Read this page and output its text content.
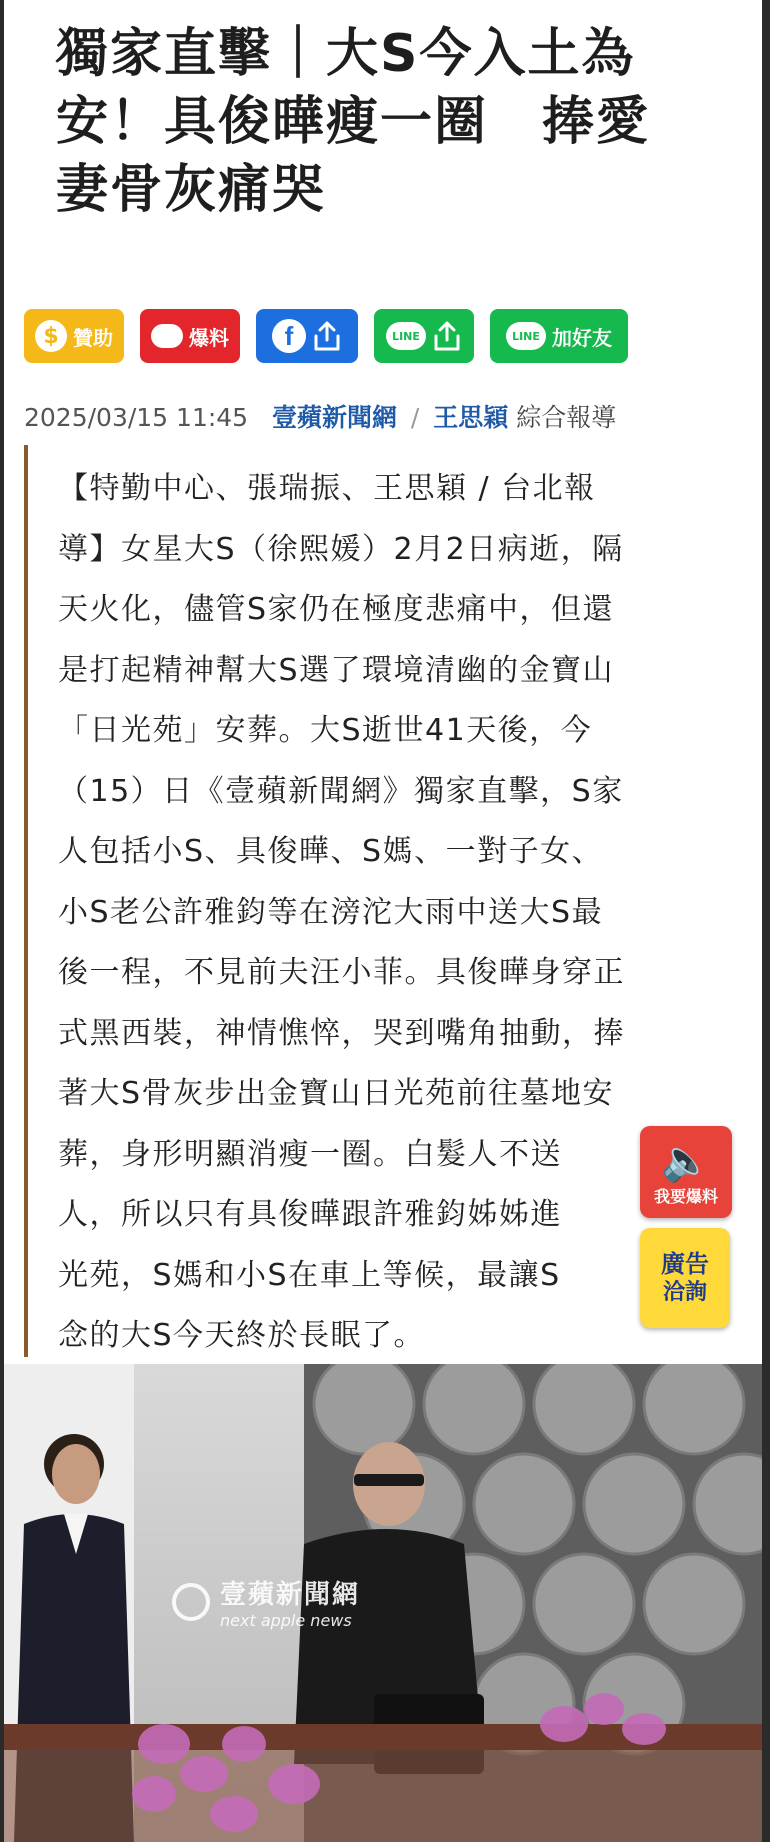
獨家直擊｜大S今入土為
安！具俊曄瘦一圈　捧愛
妻骨灰痛哭
$ 贊助	爆料	f	LINE	LINE 加好友
2025/03/15 11:45 壹蘋新聞網 / 王思穎 綜合報導
【特勤中心、張瑞振、王思穎 / 台北報
導】女星大S（徐熙媛）2月2日病逝，隔
天火化，儘管S家仍在極度悲痛中，但還
是打起精神幫大S選了環境清幽的金寶山
「日光苑」安葬。大S逝世41天後，今
（15）日《壹蘋新聞網》獨家直擊，S家
人包括小S、具俊曄、S媽、一對子女、
小S老公許雅鈞等在滂沱大雨中送大S最
後一程，不見前夫汪小菲。具俊曄身穿正
式黑西裝，神情憔悴，哭到嘴角抽動，捧
著大S骨灰步出金寶山日光苑前往墓地安
葬，身形明顯消瘦一圈。白髮人不送
人，所以只有具俊曄跟許雅鈞姊姊進
光苑，S媽和小S在車上等候，最讓S
念的大S今天終於長眠了。
🔈
我要爆料
廣告
洽詢
壹蘋新聞網
next apple news
